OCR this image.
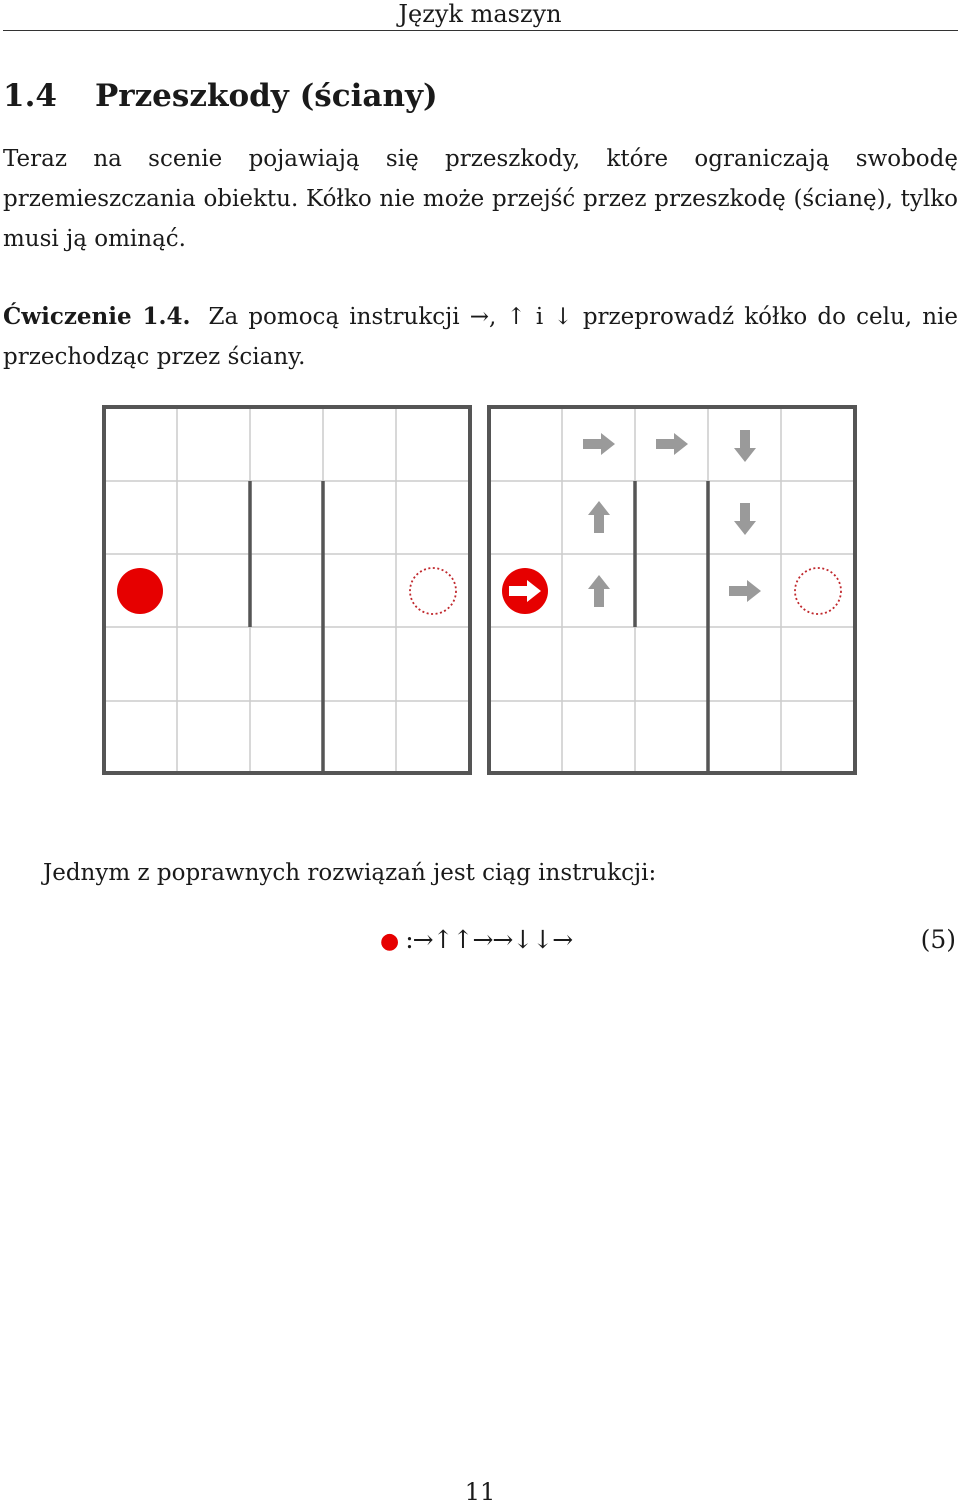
Język maszyn
1.4 Przeszkody (ściany)

Teraz na scenie pojawiają się przeszkody, które ograniczają swobodę przemieszczania obiektu. Kółko nie może przejść przez przeszkodę (ścianę), tylko musi ją ominąć.

Ćwiczenie 1.4. Za pomocą instrukcji →, ↑ i ↓ przeprowadź kółko do celu, nie przechodząc przez ściany.

Jednym z poprawnych rozwiązań jest ciąg instrukcji:
● :→↑↑→→↓↓→	(5)
11
